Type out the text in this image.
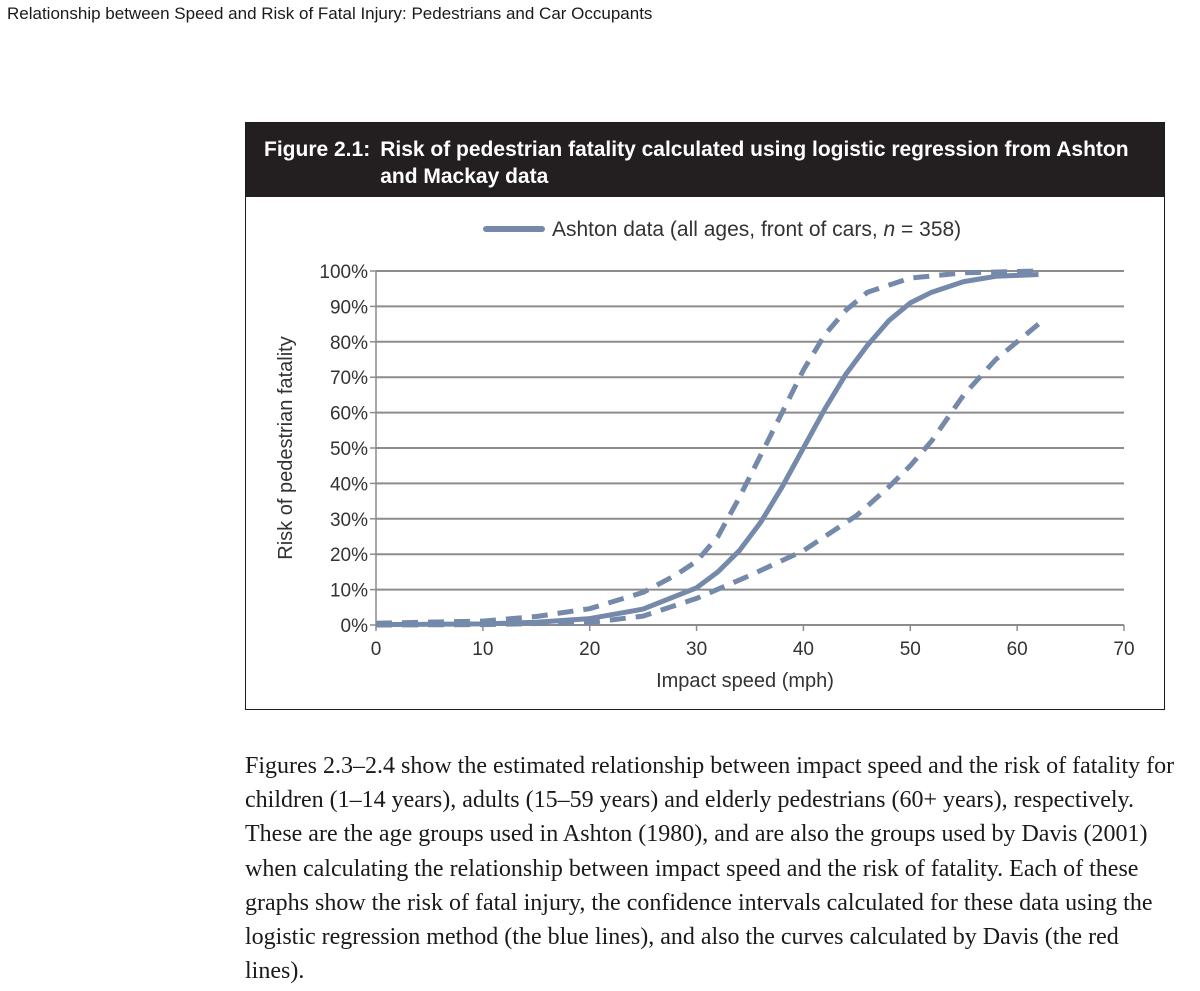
Relationship between Speed and Risk of Fatal Injury: Pedestrians and Car Occupants
Figure 2.1: Risk of pedestrian fatality calculated using logistic regression from Ashton and Mackay data
0%
10%
20%
30%
40%
50%
60%
70%
80%
90%
100%
0	10	20	30	40	50	60	70
Ashton data (all ages, front of cars, n = 358)
Impact speed (mph)
Risk of pedestrian fatality

Figures 2.3–2.4 show the estimated relationship between impact speed and the risk of fatality for children (1–14 years), adults (15–59 years) and elderly pedestrians (60+ years), respectively. These are the age groups used in Ashton (1980), and are also the groups used by Davis (2001) when calculating the relationship between impact speed and the risk of fatality. Each of these graphs show the risk of fatal injury, the confidence intervals calculated for these data using the logistic regression method (the blue lines), and also the curves calculated by Davis (the red lines).
